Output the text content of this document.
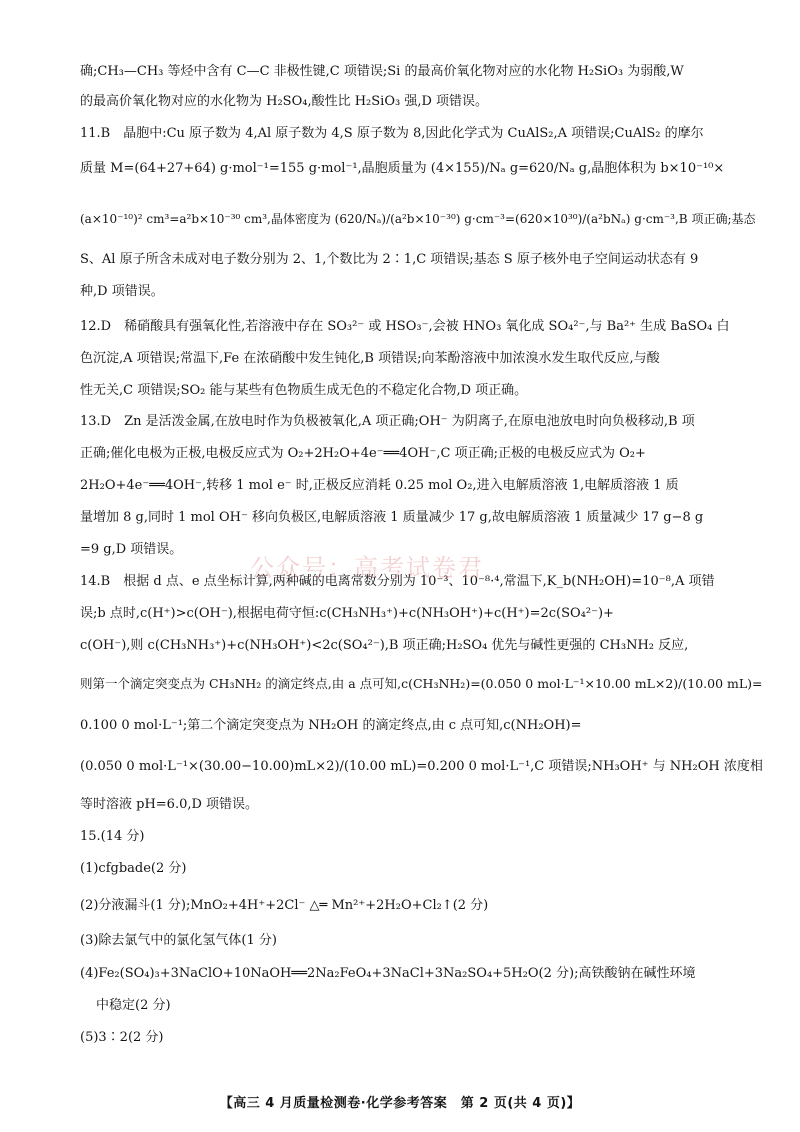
确;CH₃—CH₃ 等烃中含有 C—C 非极性键,C 项错误;Si 的最高价氧化物对应的水化物 H₂SiO₃ 为弱酸,W
的最高价氧化物对应的水化物为 H₂SO₄,酸性比 H₂SiO₃ 强,D 项错误。
11.B　晶胞中:Cu 原子数为 4,Al 原子数为 4,S 原子数为 8,因此化学式为 CuAlS₂,A 项错误;CuAlS₂ 的摩尔
质量 M=(64+27+64) g·mol⁻¹=155 g·mol⁻¹,晶胞质量为 (4×155)/Nₐ g=620/Nₐ g,晶胞体积为 b×10⁻¹⁰×
(a×10⁻¹⁰)² cm³=a²b×10⁻³⁰ cm³,晶体密度为 (620/Nₐ)/(a²b×10⁻³⁰) g·cm⁻³=(620×10³⁰)/(a²bNₐ) g·cm⁻³,B 项正确;基态
S、Al 原子所含未成对电子数分别为 2、1,个数比为 2∶1,C 项错误;基态 S 原子核外电子空间运动状态有 9
种,D 项错误。
12.D　稀硝酸具有强氧化性,若溶液中存在 SO₃²⁻ 或 HSO₃⁻,会被 HNO₃ 氧化成 SO₄²⁻,与 Ba²⁺ 生成 BaSO₄ 白
色沉淀,A 项错误;常温下,Fe 在浓硝酸中发生钝化,B 项错误;向苯酚溶液中加浓溴水发生取代反应,与酸
性无关,C 项错误;SO₂ 能与某些有色物质生成无色的不稳定化合物,D 项正确。
13.D　Zn 是活泼金属,在放电时作为负极被氧化,A 项正确;OH⁻ 为阴离子,在原电池放电时向负极移动,B 项
正确;催化电极为正极,电极反应式为 O₂+2H₂O+4e⁻══4OH⁻,C 项正确;正极的电极反应式为 O₂+
2H₂O+4e⁻══4OH⁻,转移 1 mol e⁻ 时,正极反应消耗 0.25 mol O₂,进入电解质溶液 1,电解质溶液 1 质
量增加 8 g,同时 1 mol OH⁻ 移向负极区,电解质溶液 1 质量减少 17 g,故电解质溶液 1 质量减少 17 g−8 g
=9 g,D 项错误。
14.B　根据 d 点、e 点坐标计算,两种碱的电离常数分别为 10⁻³、10⁻⁸·⁴,常温下,K_b(NH₂OH)=10⁻⁸,A 项错
误;b 点时,c(H⁺)>c(OH⁻),根据电荷守恒:c(CH₃NH₃⁺)+c(NH₃OH⁺)+c(H⁺)=2c(SO₄²⁻)+
c(OH⁻),则 c(CH₃NH₃⁺)+c(NH₃OH⁺)<2c(SO₄²⁻),B 项正确;H₂SO₄ 优先与碱性更强的 CH₃NH₂ 反应,
则第一个滴定突变点为 CH₃NH₂ 的滴定终点,由 a 点可知,c(CH₃NH₂)=(0.050 0 mol·L⁻¹×10.00 mL×2)/(10.00 mL)=
0.100 0 mol·L⁻¹;第二个滴定突变点为 NH₂OH 的滴定终点,由 c 点可知,c(NH₂OH)=
(0.050 0 mol·L⁻¹×(30.00−10.00)mL×2)/(10.00 mL)=0.200 0 mol·L⁻¹,C 项错误;NH₃OH⁺ 与 NH₂OH 浓度相
等时溶液 pH=6.0,D 项错误。
15.(14 分)
(1)cfgbade(2 分)
(2)分液漏斗(1 分);MnO₂+4H⁺+2Cl⁻ △═ Mn²⁺+2H₂O+Cl₂↑(2 分)
(3)除去氯气中的氯化氢气体(1 分)
(4)Fe₂(SO₄)₃+3NaClO+10NaOH══2Na₂FeO₄+3NaCl+3Na₂SO₄+5H₂O(2 分);高铁酸钠在碱性环境
中稳定(2 分)
(5)3∶2(2 分)
公众号：高考试卷君
【高三 4 月质量检测卷·化学参考答案　第 2 页(共 4 页)】
